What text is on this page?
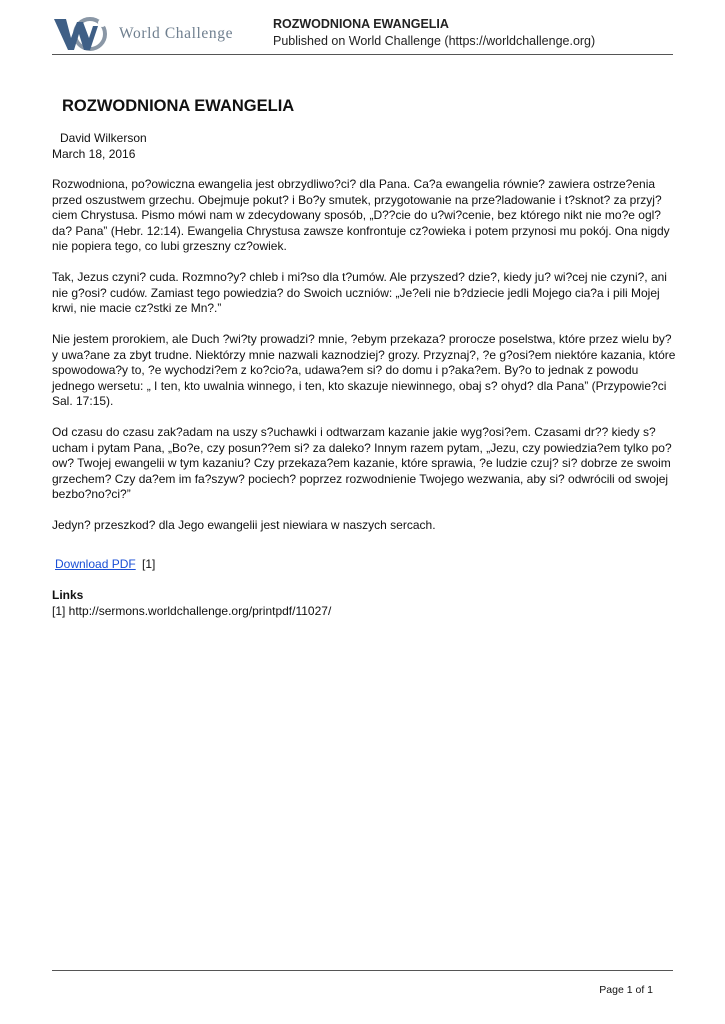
World Challenge
ROZWODNIONA EWANGELIA
Published on World Challenge (https://worldchallenge.org)
ROZWODNIONA EWANGELIA
David Wilkerson
March 18, 2016

Rozwodniona, po?owiczna ewangelia jest obrzydliwo?ci? dla Pana. Ca?a ewangelia równie? zawiera ostrze?enia przed oszustwem grzechu. Obejmuje pokut? i Bo?y smutek, przygotowanie na prze?ladowanie i t?sknot? za przyj?ciem Chrystusa. Pismo mówi nam w zdecydowany sposób, „D??cie do u?wi?cenie, bez którego nikt nie mo?e ogl?da? Pana” (Hebr. 12:14). Ewangelia Chrystusa zawsze konfrontuje cz?owieka i potem przynosi mu pokój. Ona nigdy nie popiera tego, co lubi grzeszny cz?owiek.

Tak, Jezus czyni? cuda. Rozmno?y? chleb i mi?so dla t?umów. Ale przyszed? dzie?, kiedy ju? wi?cej nie czyni?, ani nie g?osi? cudów. Zamiast tego powiedzia? do Swoich uczniów: „Je?eli nie b?dziecie jedli Mojego cia?a i pili Mojej krwi, nie macie cz?stki ze Mn?.”

Nie jestem prorokiem, ale Duch ?wi?ty prowadzi? mnie, ?ebym przekaza? prorocze poselstwa, które przez wielu by?y uwa?ane za zbyt trudne. Niektórzy mnie nazwali kaznodziej? grozy. Przyznaj?, ?e g?osi?em niektóre kazania, które spowodowa?y to, ?e wychodzi?em z ko?cio?a, udawa?em si? do domu i p?aka?em. By?o to jednak z powodu jednego wersetu: „ I ten, kto uwalnia winnego, i ten, kto skazuje niewinnego, obaj s? ohyd? dla Pana” (Przypowie?ci Sal. 17:15).

Od czasu do czasu zak?adam na uszy s?uchawki i odtwarzam kazanie jakie wyg?osi?em. Czasami dr?? kiedy s?ucham i pytam Pana, „Bo?e, czy posun??em si? za daleko? Innym razem pytam, „Jezu, czy powiedzia?em tylko po?ow? Twojej ewangelii w tym kazaniu? Czy przekaza?em kazanie, które sprawia, ?e ludzie czuj? si? dobrze ze swoim grzechem? Czy da?em im fa?szyw? pociech? poprzez rozwodnienie Twojego wezwania, aby si? odwrócili od swojej bezbo?no?ci?”

Jedyn? przeszkod? dla Jego ewangelii jest niewiara w naszych sercach.

Download PDF [1]
Links
[1] http://sermons.worldchallenge.org/printpdf/11027/
Page 1 of 1
